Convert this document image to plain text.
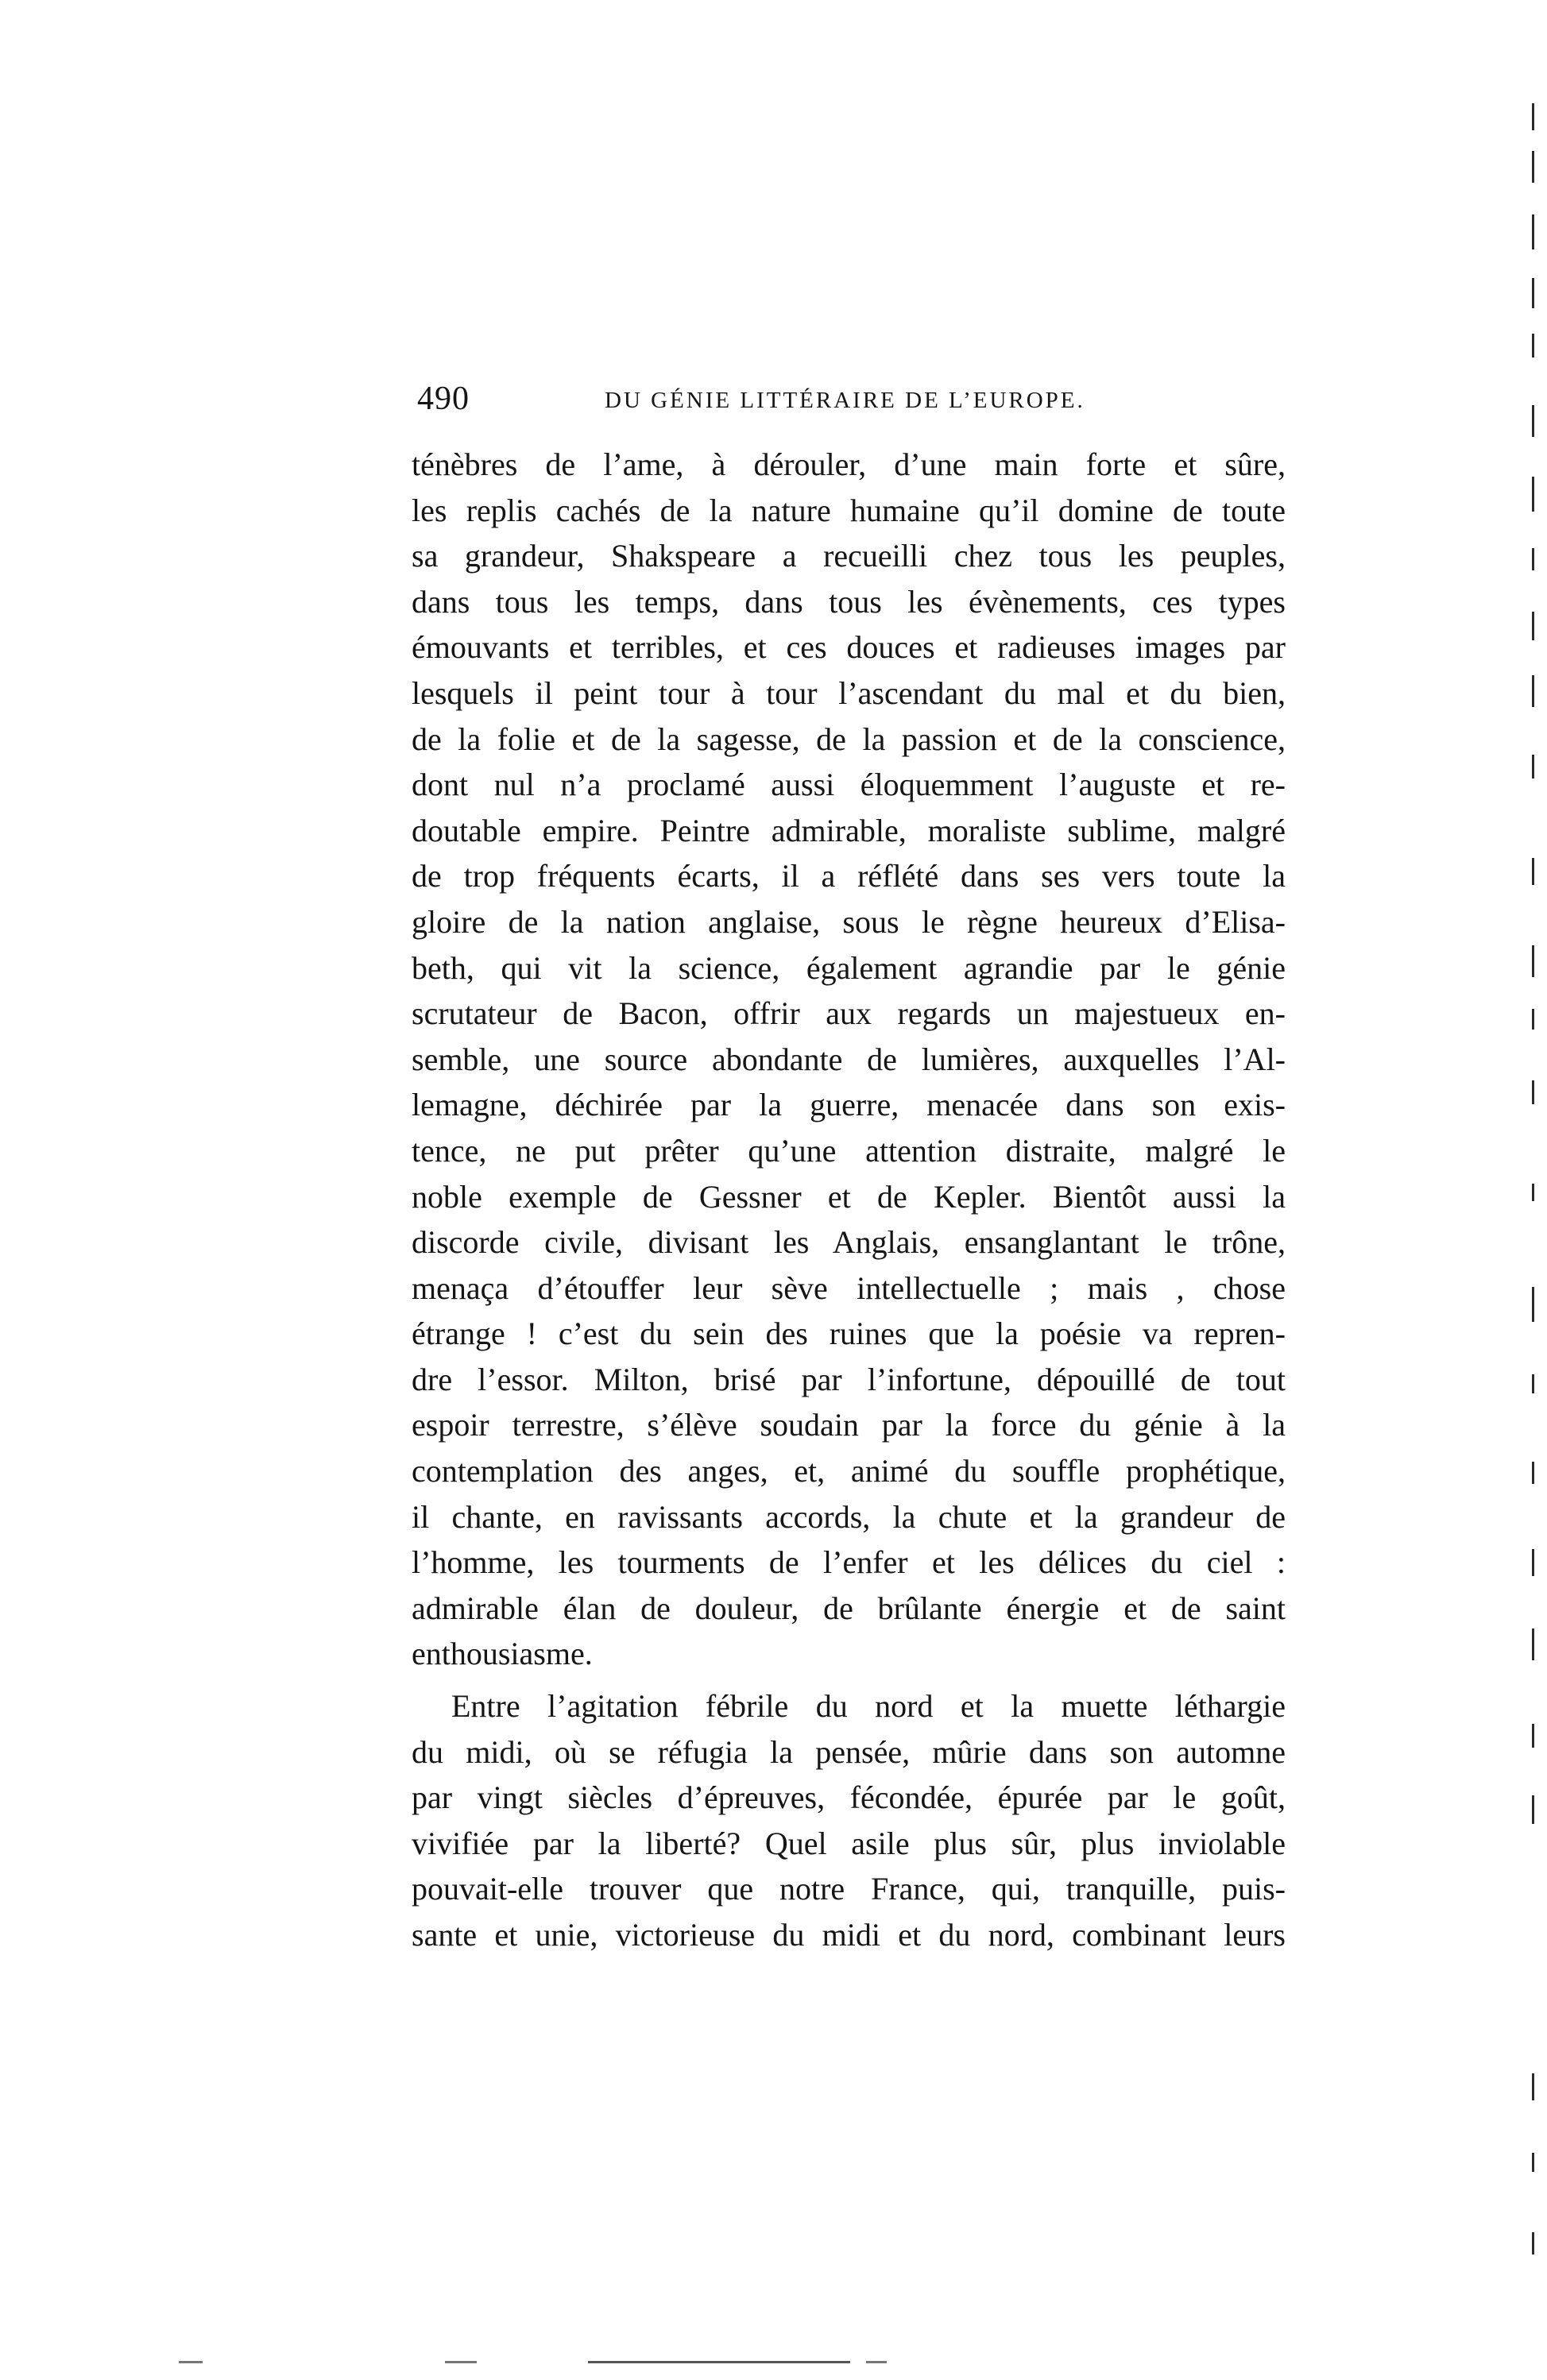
490	DU GÉNIE LITTÉRAIRE DE L’EUROPE.

ténèbres de l’ame, à dérouler, d’une main forte et sûre,
les replis cachés de la nature humaine qu’il domine de toute
sa grandeur, Shakspeare a recueilli chez tous les peuples,
dans tous les temps, dans tous les évènements, ces types
émouvants et terribles, et ces douces et radieuses images par
lesquels il peint tour à tour l’ascendant du mal et du bien,
de la folie et de la sagesse, de la passion et de la conscience,
dont nul n’a proclamé aussi éloquemment l’auguste et re-
doutable empire. Peintre admirable, moraliste sublime, malgré
de trop fréquents écarts, il a réflété dans ses vers toute la
gloire de la nation anglaise, sous le règne heureux d’Elisa-
beth, qui vit la science, également agrandie par le génie
scrutateur de Bacon, offrir aux regards un majestueux en-
semble, une source abondante de lumières, auxquelles l’Al-
lemagne, déchirée par la guerre, menacée dans son exis-
tence, ne put prêter qu’une attention distraite, malgré le
noble exemple de Gessner et de Kepler. Bientôt aussi la
discorde civile, divisant les Anglais, ensanglantant le trône,
menaça d’étouffer leur sève intellectuelle ; mais , chose
étrange ! c’est du sein des ruines que la poésie va repren-
dre l’essor. Milton, brisé par l’infortune, dépouillé de tout
espoir terrestre, s’élève soudain par la force du génie à la
contemplation des anges, et, animé du souffle prophétique,
il chante, en ravissants accords, la chute et la grandeur de
l’homme, les tourments de l’enfer et les délices du ciel :
admirable élan de douleur, de brûlante énergie et de saint
enthousiasme.

Entre l’agitation fébrile du nord et la muette léthargie
du midi, où se réfugia la pensée, mûrie dans son automne
par vingt siècles d’épreuves, fécondée, épurée par le goût,
vivifiée par la liberté? Quel asile plus sûr, plus inviolable
pouvait-elle trouver que notre France, qui, tranquille, puis-
sante et unie, victorieuse du midi et du nord, combinant leurs
